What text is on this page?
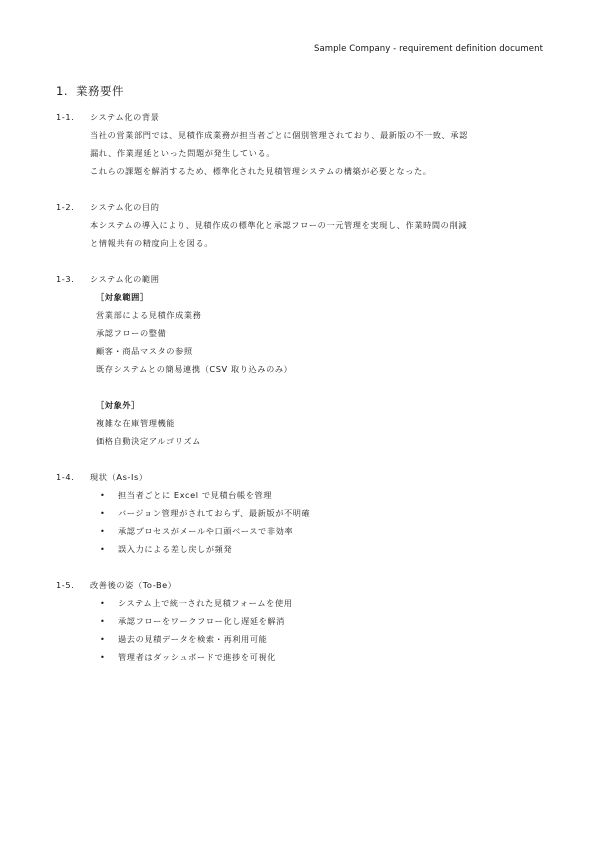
Sample Company - requirement definition document
1. 業務要件
1-1.	システム化の背景
当社の営業部門では、見積作成業務が担当者ごとに個別管理されており、最新版の不一致、承認
漏れ、作業遅延といった問題が発生している。
これらの課題を解消するため、標準化された見積管理システムの構築が必要となった。
1-2.	システム化の目的
本システムの導入により、見積作成の標準化と承認フローの一元管理を実現し、作業時間の削減
と情報共有の精度向上を図る。
1-3.	システム化の範囲
［対象範囲］
営業部による見積作成業務
承認フローの整備
顧客・商品マスタの参照
既存システムとの簡易連携（CSV 取り込みのみ）
［対象外］
複雑な在庫管理機能
価格自動決定アルゴリズム
1-4.	現状（As-Is）
•	担当者ごとに Excel で見積台帳を管理
•	バージョン管理がされておらず、最新版が不明確
•	承認プロセスがメールや口頭ベースで非効率
•	誤入力による差し戻しが頻発
1-5.	改善後の姿（To-Be）
•	システム上で統一された見積フォームを使用
•	承認フローをワークフロー化し遅延を解消
•	過去の見積データを検索・再利用可能
•	管理者はダッシュボードで進捗を可視化
